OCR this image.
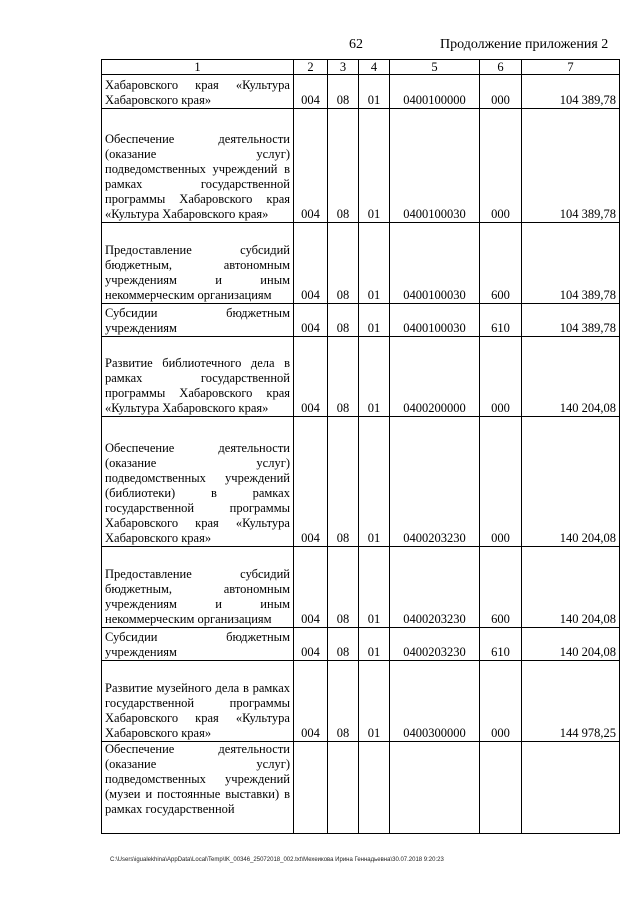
62	Продолжение приложения 2
1	2	3	4	5	6	7
Хабаровского края «Культура Хабаровского края»	004	08	01	0400100000	000	104 389,78
Обеспечение деятельности (оказание услуг) подведомственных учреждений в рамках государственной программы Хабаровского края «Культура Хабаровского края»	004	08	01	0400100030	000	104 389,78
Предоставление субсидий бюджетным, автономным учреждениям и иным некоммерческим организациям	004	08	01	0400100030	600	104 389,78
Субсидии бюджетным учреждениям	004	08	01	0400100030	610	104 389,78
Развитие библиотечного дела в рамках государственной программы Хабаровского края «Культура Хабаровского края»	004	08	01	0400200000	000	140 204,08
Обеспечение деятельности (оказание услуг) подведомственных учреждений (библиотеки) в рамках государственной программы Хабаровского края «Культура Хабаровского края»	004	08	01	0400203230	000	140 204,08
Предоставление субсидий бюджетным, автономным учреждениям и иным некоммерческим организациям	004	08	01	0400203230	600	140 204,08
Субсидии бюджетным учреждениям	004	08	01	0400203230	610	140 204,08
Развитие музейного дела в рамках государственной программы Хабаровского края «Культура Хабаровского края»	004	08	01	0400300000	000	144 978,25
Обеспечение деятельности (оказание услуг) подведомственных учреждений (музеи и постоянные выставки) в рамках государственной						
C:\Users\igualekhina\AppData\Local\Temp\IK_00346_25072018_002.txt\Мехеикова Ирина Геннадьевна\30.07.2018 9:20:23
